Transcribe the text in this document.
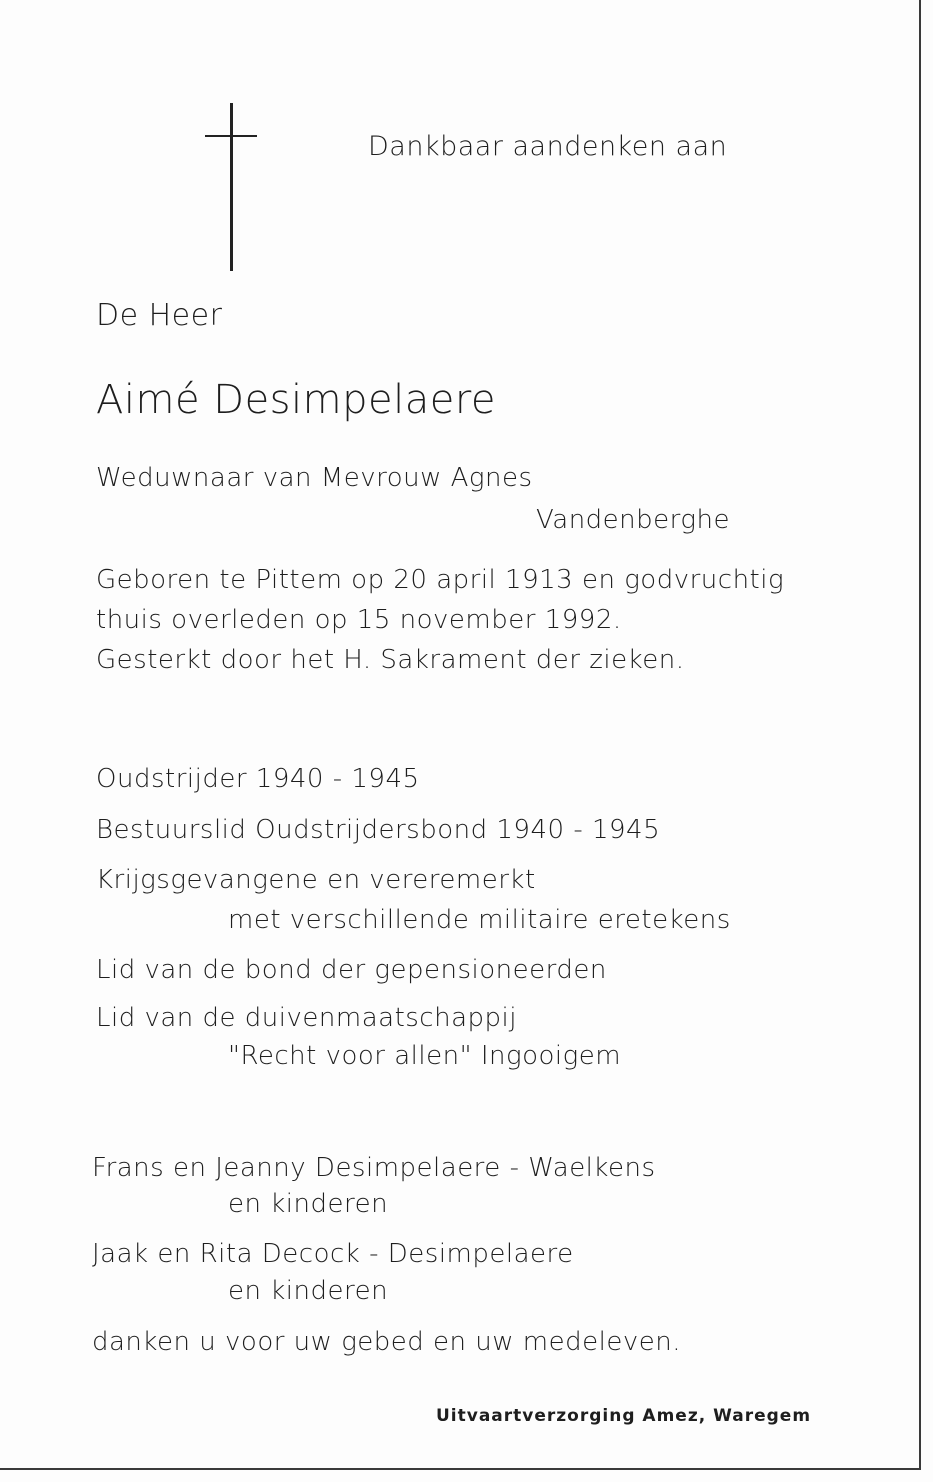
Dankbaar aandenken aan
De Heer
Aimé Desimpelaere
Weduwnaar van Mevrouw Agnes
Vandenberghe
Geboren te Pittem op 20 april 1913 en godvruchtig
thuis overleden op 15 november 1992.
Gesterkt door het H. Sakrament der zieken.
Oudstrijder 1940 - 1945
Bestuurslid Oudstrijdersbond 1940 - 1945
Krijgsgevangene en vereremerkt
met verschillende militaire eretekens
Lid van de bond der gepensioneerden
Lid van de duivenmaatschappij
"Recht voor allen" Ingooigem
Frans en Jeanny Desimpelaere - Waelkens
en kinderen
Jaak en Rita Decock - Desimpelaere
en kinderen
danken u voor uw gebed en uw medeleven.
Uitvaartverzorging Amez, Waregem
